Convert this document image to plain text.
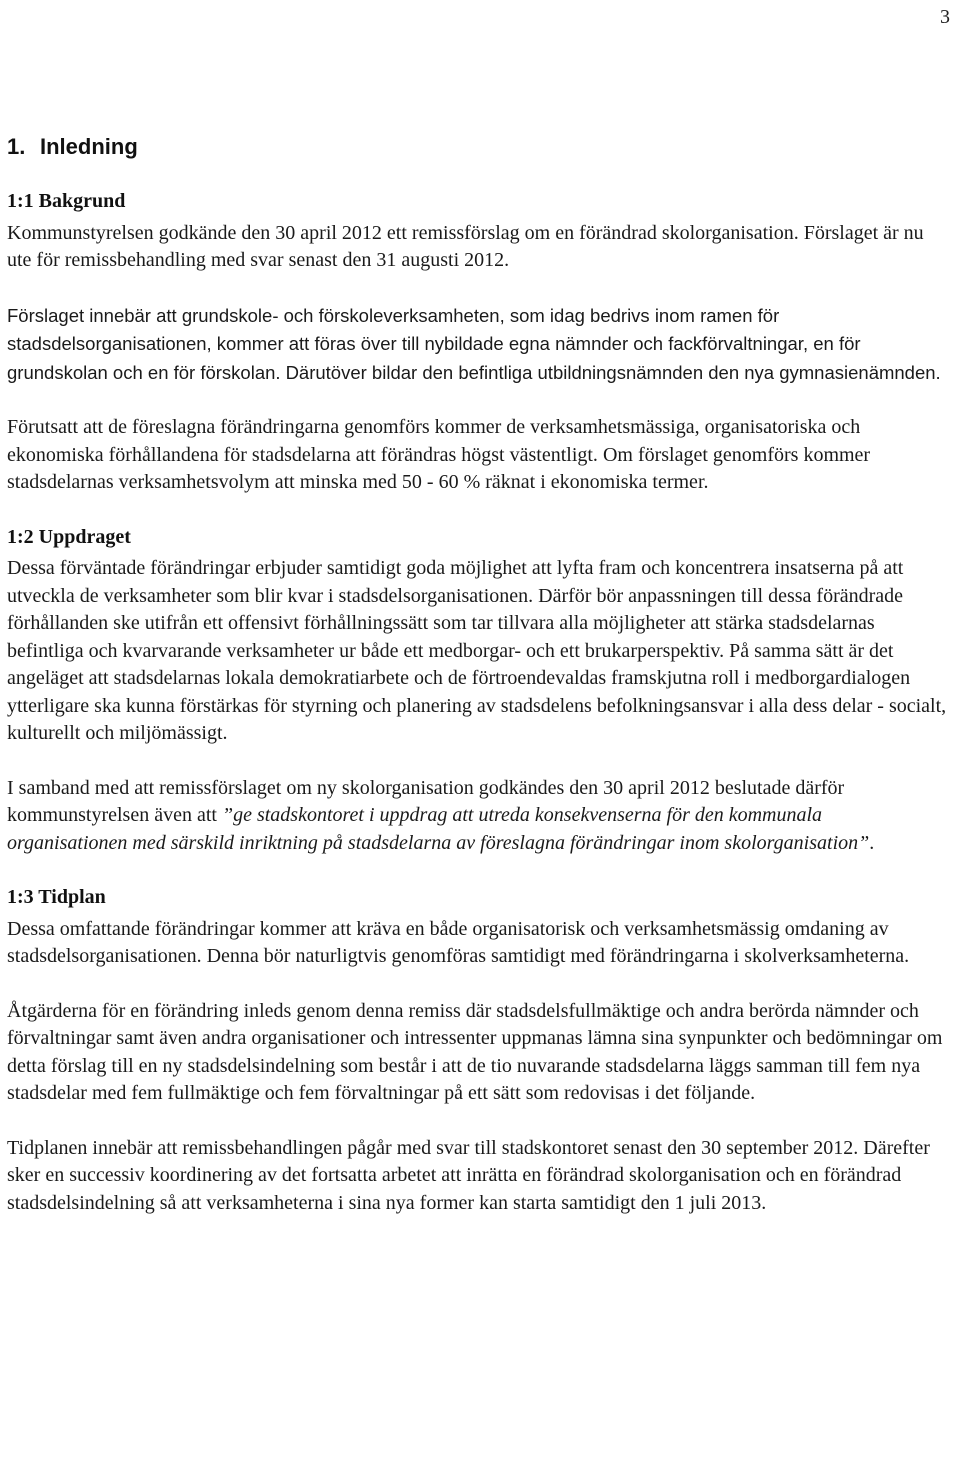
3
1. Inledning
1:1 Bakgrund

Kommunstyrelsen godkände den 30 april 2012 ett remissförslag om en förändrad skolorganisation. Förslaget är nu ute för remissbehandling med svar senast den 31 augusti 2012.

Förslaget innebär att grundskole- och förskoleverksamheten, som idag bedrivs inom ramen för stadsdelsorganisationen, kommer att föras över till nybildade egna nämnder och fackförvaltningar, en för grundskolan och en för förskolan. Därutöver bildar den befintliga utbildningsnämnden den nya gymnasienämnden.

Förutsatt att de föreslagna förändringarna genomförs kommer de verksamhetsmässiga, organisatoriska och ekonomiska förhållandena för stadsdelarna att förändras högst västentligt. Om förslaget genomförs kommer stadsdelarnas verksamhetsvolym att minska med 50 - 60 % räknat i ekonomiska termer.

1:2 Uppdraget

Dessa förväntade förändringar erbjuder samtidigt goda möjlighet att lyfta fram och koncentrera insatserna på att utveckla de verksamheter som blir kvar i stadsdelsorganisationen. Därför bör anpassningen till dessa förändrade förhållanden ske utifrån ett offensivt förhållningssätt som tar tillvara alla möjligheter att stärka stadsdelarnas befintliga och kvarvarande verksamheter ur både ett medborgar- och ett brukarperspektiv. På samma sätt är det angeläget att stadsdelarnas lokala demokratiarbete och de förtroendevaldas framskjutna roll i medborgardialogen ytterligare ska kunna förstärkas för styrning och planering av stadsdelens befolkningsansvar i alla dess delar - socialt, kulturellt och miljömässigt.

I samband med att remissförslaget om ny skolorganisation godkändes den 30 april 2012 beslutade därför kommunstyrelsen även att ”ge stadskontoret i uppdrag att utreda konsekvenserna för den kommunala organisationen med särskild inriktning på stadsdelarna av föreslagna förändringar inom skolorganisation”.

1:3 Tidplan

Dessa omfattande förändringar kommer att kräva en både organisatorisk och verksamhetsmässig omdaning av stadsdelsorganisationen. Denna bör naturligtvis genomföras samtidigt med förändringarna i skolverksamheterna.

Åtgärderna för en förändring inleds genom denna remiss där stadsdelsfullmäktige och andra berörda nämnder och förvaltningar samt även andra organisationer och intressenter uppmanas lämna sina synpunkter och bedömningar om detta förslag till en ny stadsdelsindelning som består i att de tio nuvarande stadsdelarna läggs samman till fem nya stadsdelar med fem fullmäktige och fem förvaltningar på ett sätt som redovisas i det följande.

Tidplanen innebär att remissbehandlingen pågår med svar till stadskontoret senast den 30 september 2012. Därefter sker en successiv koordinering av det fortsatta arbetet att inrätta en förändrad skolorganisation och en förändrad stadsdelsindelning så att verksamheterna i sina nya former kan starta samtidigt den 1 juli 2013.
